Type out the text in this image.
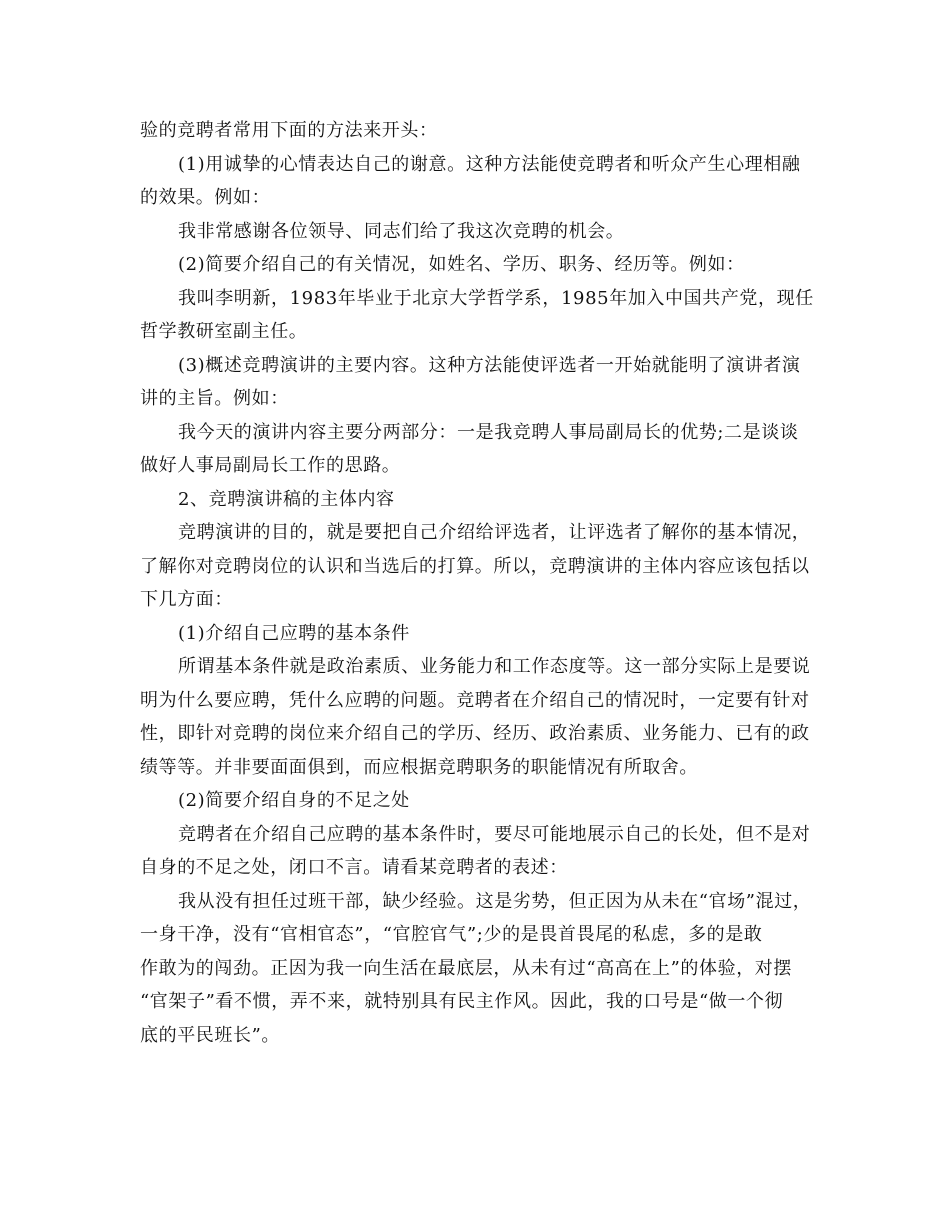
验的竞聘者常用下面的方法来开头：
(1)用诚挚的心情表达自己的谢意。这种方法能使竞聘者和听众产生心理相融
的效果。例如：
我非常感谢各位领导、同志们给了我这次竞聘的机会。
(2)简要介绍自己的有关情况，如姓名、学历、职务、经历等。例如：
我叫李明新，1983年毕业于北京大学哲学系，1985年加入中国共产党，现任
哲学教研室副主任。
(3)概述竞聘演讲的主要内容。这种方法能使评选者一开始就能明了演讲者演
讲的主旨。例如：
我今天的演讲内容主要分两部分：一是我竞聘人事局副局长的优势;二是谈谈
做好人事局副局长工作的思路。
2、竞聘演讲稿的主体内容
竞聘演讲的目的，就是要把自己介绍给评选者，让评选者了解你的基本情况，
了解你对竞聘岗位的认识和当选后的打算。所以，竞聘演讲的主体内容应该包括以
下几方面：
(1)介绍自己应聘的基本条件
所谓基本条件就是政治素质、业务能力和工作态度等。这一部分实际上是要说
明为什么要应聘，凭什么应聘的问题。竞聘者在介绍自己的情况时，一定要有针对
性，即针对竞聘的岗位来介绍自己的学历、经历、政治素质、业务能力、已有的政
绩等等。并非要面面俱到，而应根据竞聘职务的职能情况有所取舍。
(2)简要介绍自身的不足之处
竞聘者在介绍自己应聘的基本条件时，要尽可能地展示自己的长处，但不是对
自身的不足之处，闭口不言。请看某竞聘者的表述：
我从没有担任过班干部，缺少经验。这是劣势，但正因为从未在“官场”混过，
一身干净，没有“官相官态”，“官腔官气”;少的是畏首畏尾的私虑，多的是敢
作敢为的闯劲。正因为我一向生活在最底层，从未有过“高高在上”的体验，对摆
“官架子”看不惯，弄不来，就特别具有民主作风。因此，我的口号是“做一个彻
底的平民班长”。
